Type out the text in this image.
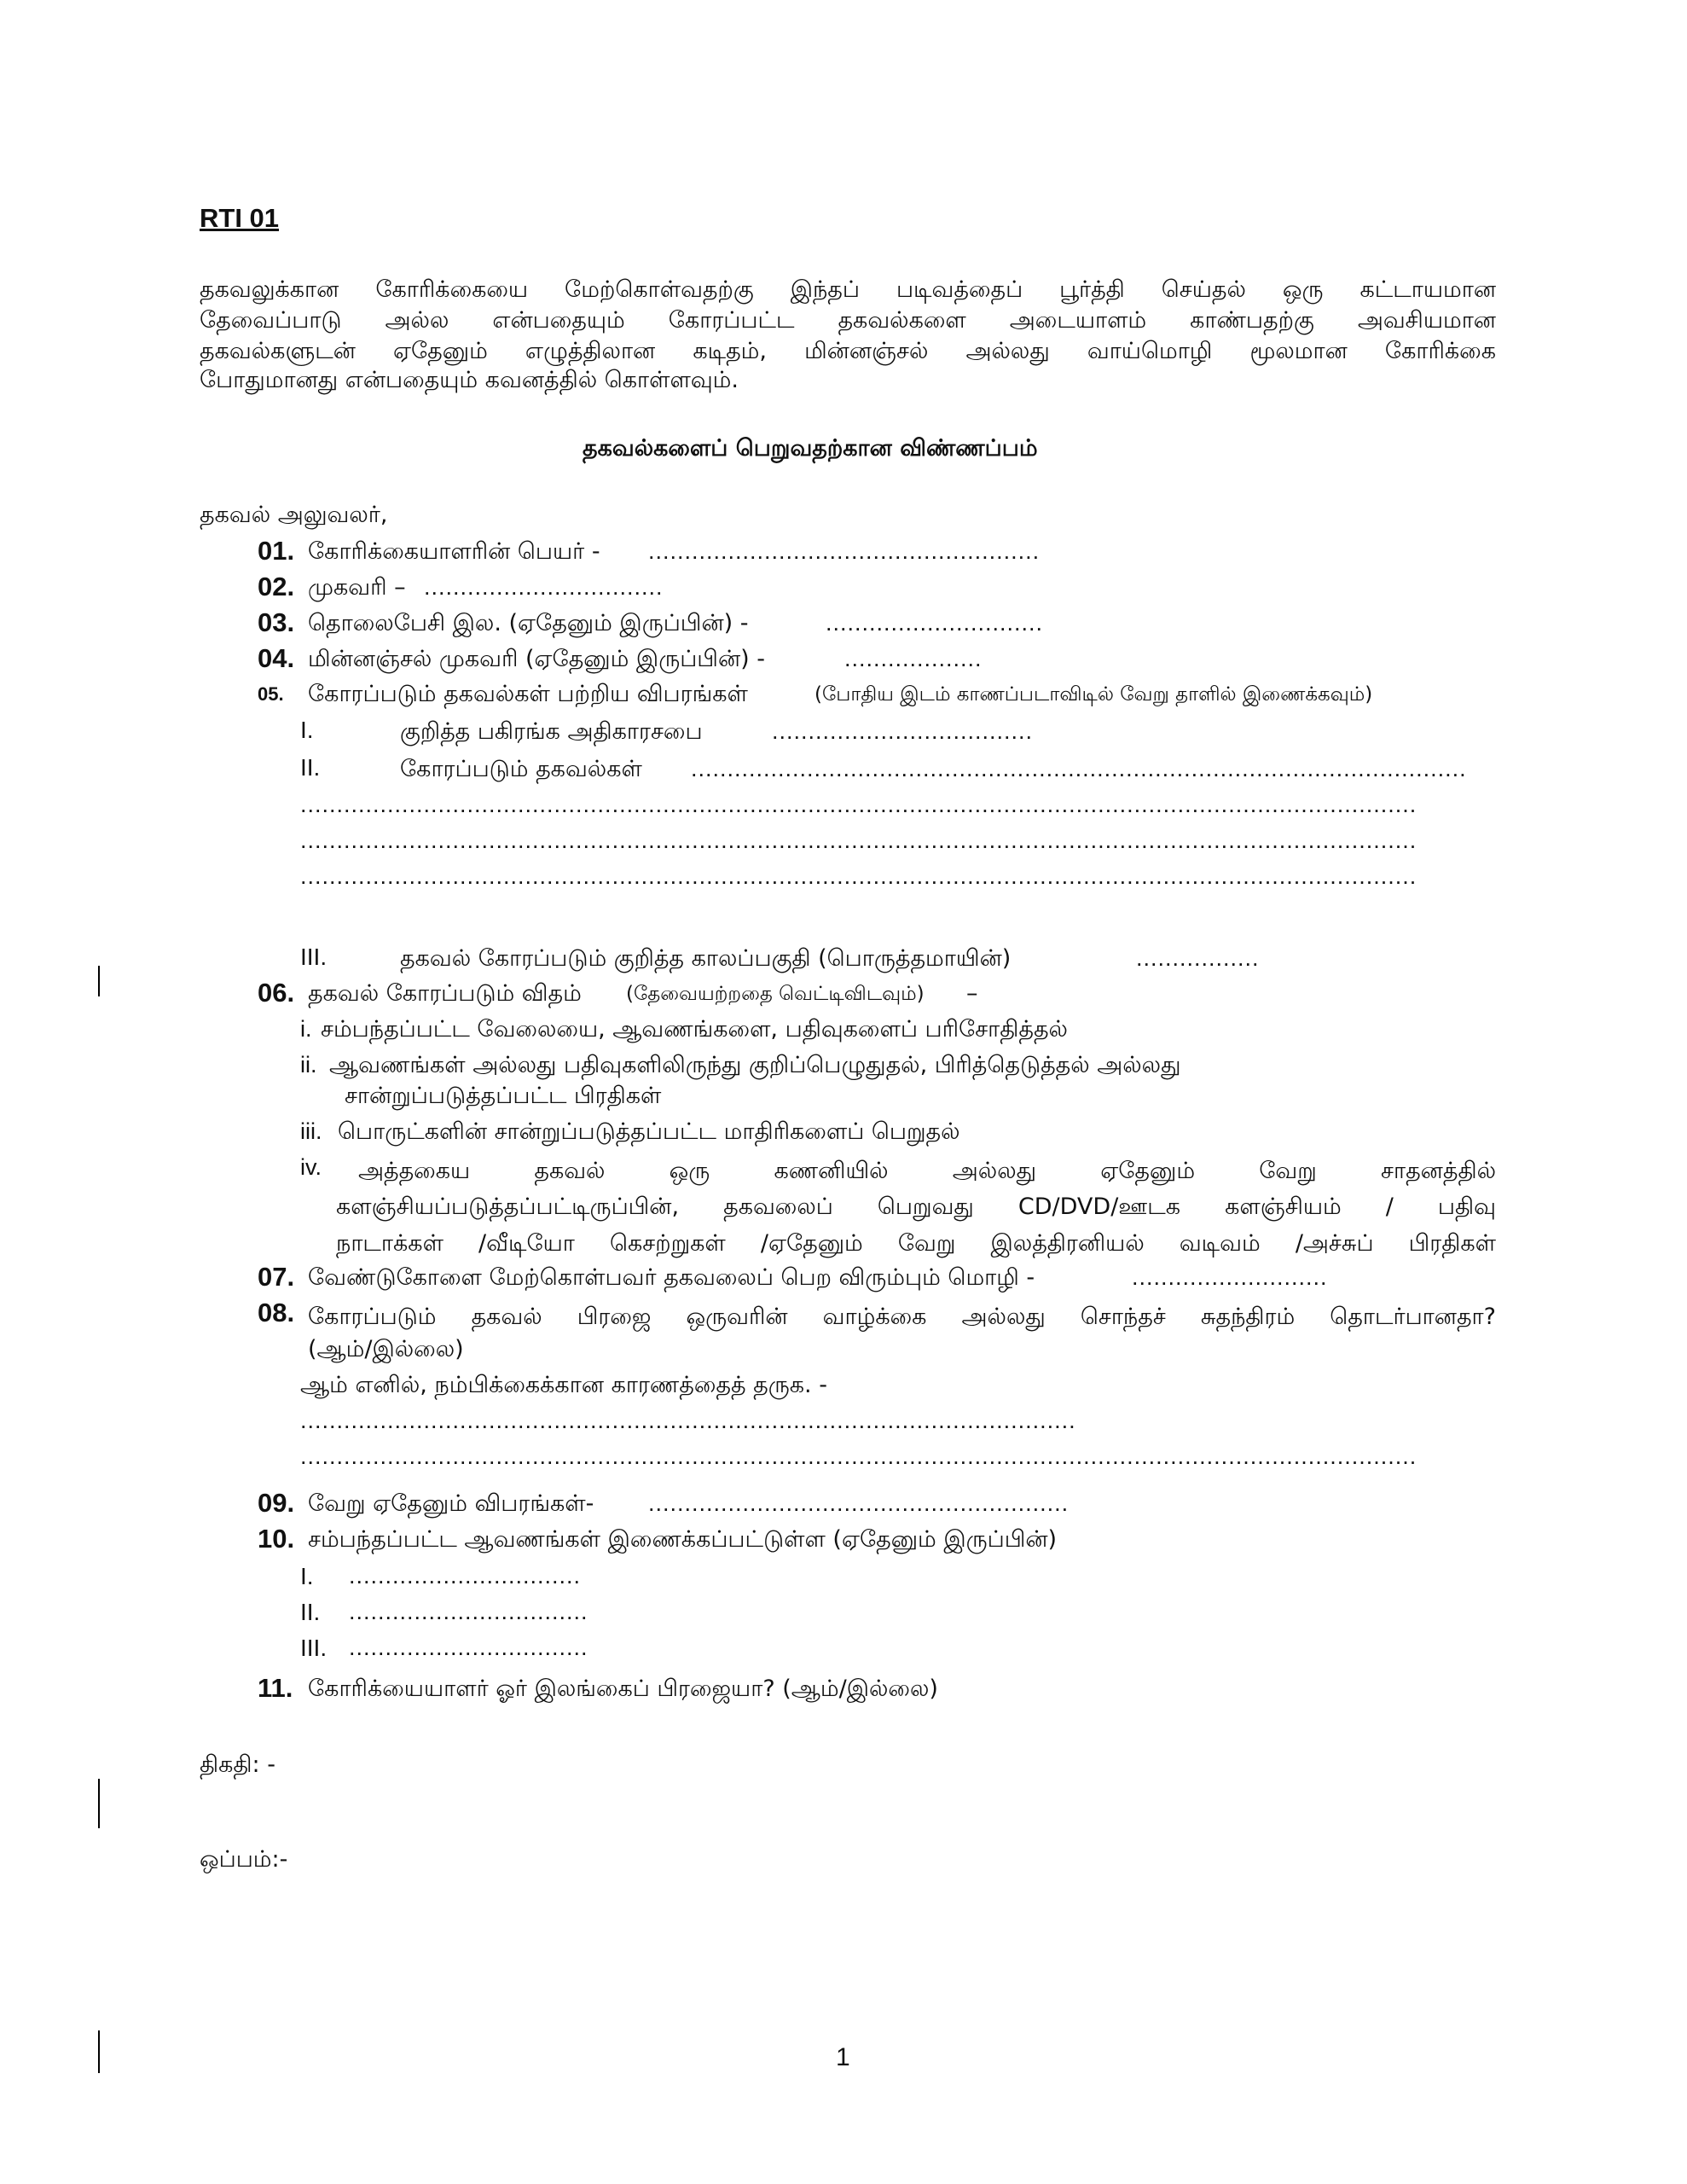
RTI 01
தகவலுக்கான கோரிக்கையை மேற்கொள்வதற்கு இந்தப் படிவத்தைப் பூர்த்தி செய்தல் ஒரு கட்டாயமான
தேவைப்பாடு அல்ல என்பதையும் கோரப்பட்ட தகவல்களை அடையாளம் காண்பதற்கு அவசியமான
தகவல்களுடன் ஏதேனும் எழுத்திலான கடிதம், மின்னஞ்சல் அல்லது வாய்மொழி மூலமான கோரிக்கை
போதுமானது என்பதையும் கவனத்தில் கொள்ளவும்.
தகவல்களைப் பெறுவதற்கான விண்ணப்பம்
தகவல் அலுவலர்,
01. கோரிக்கையாளரின் பெயர் - ......................................................
02. முகவரி – .................................
03. தொலைபேசி இல. (ஏதேனும் இருப்பின்) -	..............................
04. மின்னஞ்சல் முகவரி (ஏதேனும் இருப்பின்) -	...................
05. கோரப்படும் தகவல்கள் பற்றிய விபரங்கள்	(போதிய இடம் காணப்படாவிடில் வேறு தாளில் இணைக்கவும்)
I.	குறித்த பகிரங்க அதிகாரசபை	....................................
II.	கோரப்படும் தகவல்கள் ...........................................................................................................
..........................................................................................................................................................
..........................................................................................................................................................
..........................................................................................................................................................
III.	தகவல் கோரப்படும் குறித்த காலப்பகுதி (பொருத்தமாயின்)	.................
06. தகவல் கோரப்படும் விதம் (தேவையற்றதை வெட்டிவிடவும்) –
i. சம்பந்தப்பட்ட வேலையை, ஆவணங்களை, பதிவுகளைப் பரிசோதித்தல்
ii. ஆவணங்கள் அல்லது பதிவுகளிலிருந்து குறிப்பெழுதுதல், பிரித்தெடுத்தல் அல்லது
சான்றுப்படுத்தப்பட்ட பிரதிகள்
iii. பொருட்களின் சான்றுப்படுத்தப்பட்ட மாதிரிகளைப் பெறுதல்
iv. அத்தகைய தகவல் ஒரு கணனியில் அல்லது ஏதேனும் வேறு சாதனத்தில்
களஞ்சியப்படுத்தப்பட்டிருப்பின், தகவலைப் பெறுவது CD/DVD/ஊடக களஞ்சியம் / பதிவு
நாடாக்கள் /வீடியோ கெசற்றுகள் /ஏதேனும் வேறு இலத்திரனியல் வடிவம் /அச்சுப் பிரதிகள்
07. வேண்டுகோளை மேற்கொள்பவர் தகவலைப் பெற விரும்பும் மொழி -	...........................
08. கோரப்படும் தகவல் பிரஜை ஒருவரின் வாழ்க்கை அல்லது சொந்தச் சுதந்திரம் தொடர்பானதா?
(ஆம்/இல்லை)
ஆம் எனில், நம்பிக்கைக்கான காரணத்தைத் தருக. -
...........................................................................................................
..........................................................................................................................................................
09. வேறு ஏதேனும் விபரங்கள்- ..........................................................
10. சம்பந்தப்பட்ட ஆவணங்கள் இணைக்கப்பட்டுள்ள (ஏதேனும் இருப்பின்)
I. ................................
II. .................................
III. .................................
11. கோரிக்யையாளர் ஓர் இலங்கைப் பிரஜையா? (ஆம்/இல்லை)
திகதி: -
ஒப்பம்:-
1
